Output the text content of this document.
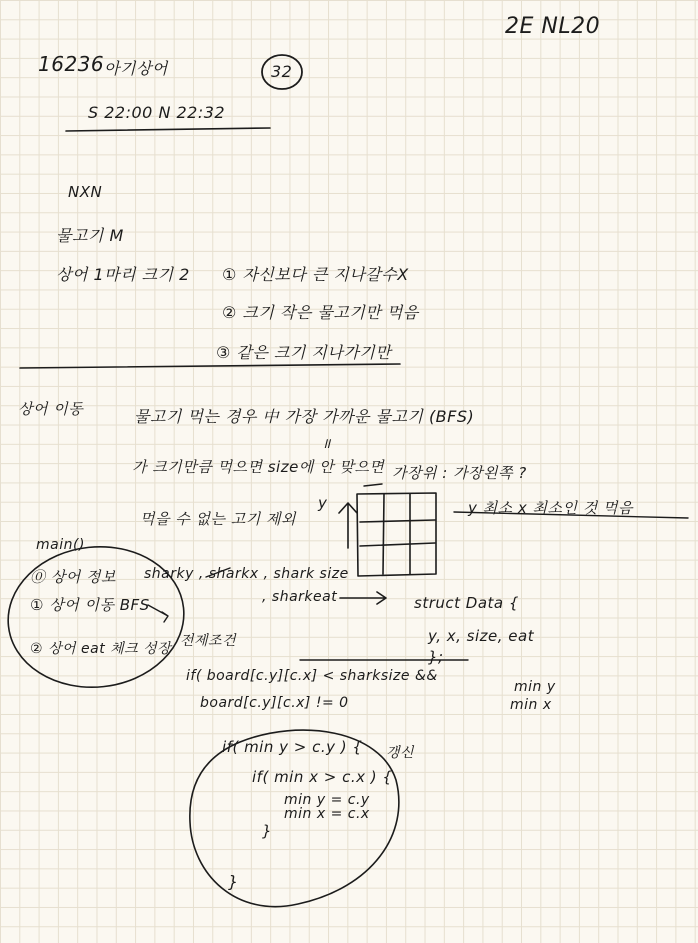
2E NL20
16236 아기상어	32
S 22:00 N 22:32
NXN
물고기 M
상어 1마리 크기 2 ① 자신보다 큰 지나갈수X
② 크기 작은 물고기만 먹음
③ 같은 크기 지나가기만
상어 이동	물고기 먹는 경우 中 가장 가까운 물고기 (BFS)
॥
가 크기만큼 먹으면 size에 안 맞으면
먹을 수 없는 고기 제외
가장위 : 가장왼쪽 ?
y	y 최소 x 최소인 것 먹음
main()
⓪ 상어 정보
① 상어 이동 BFS
② 상어 eat 체크 성장
sharky , sharkx , shark size
, sharkeat	struct Data {
y, x, size, eat
};
전제조건
if( board[c.y][c.x] < sharksize &&
board[c.y][c.x] != 0
min y
min x
if( min y > c.y ) { 갱신
if( min x > c.x ) {
min y = c.y
min x = c.x
}
}
